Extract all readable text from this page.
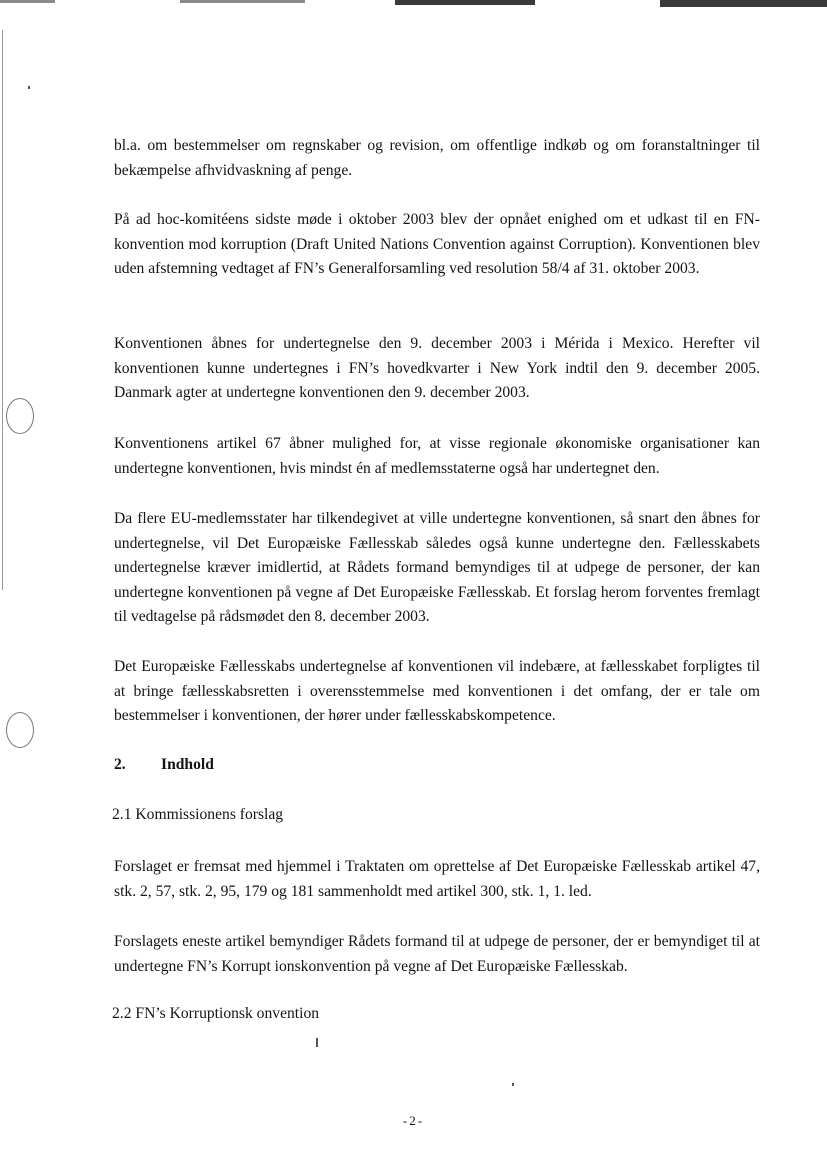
bl.a. om bestemmelser om regnskaber og revision, om offentlige indkøb og om foranstaltninger til bekæmpelse afhvidvaskning af penge.

På ad hoc-komitéens sidste møde i oktober 2003 blev der opnået enighed om et udkast til en FN-konvention mod korruption (Draft United Nations Convention against Corruption). Konventionen blev uden afstemning vedtaget af FN’s Generalforsamling ved resolution 58/4 af 31. oktober 2003.

Konventionen åbnes for undertegnelse den 9. december 2003 i Mérida i Mexico. Herefter vil konventionen kunne undertegnes i FN’s hovedkvarter i New York indtil den 9. december 2005. Danmark agter at undertegne konventionen den 9. december 2003.

Konventionens artikel 67 åbner mulighed for, at visse regionale økonomiske organisationer kan undertegne konventionen, hvis mindst én af medlemsstaterne også har undertegnet den.

Da flere EU-medlemsstater har tilkendegivet at ville undertegne konventionen, så snart den åbnes for undertegnelse, vil Det Europæiske Fællesskab således også kunne undertegne den. Fællesskabets undertegnelse kræver imidlertid, at Rådets formand bemyndiges til at udpege de personer, der kan undertegne konventionen på vegne af Det Europæiske Fællesskab. Et forslag herom forventes fremlagt til vedtagelse på rådsmødet den 8. december 2003.

Det Europæiske Fællesskabs undertegnelse af konventionen vil indebære, at fællesskabet forpligtes til at bringe fællesskabsretten i overensstemmelse med konventionen i det omfang, der er tale om bestemmelser i konventionen, der hører under fællesskabskompetence.

2. Indhold
2.1 Kommissionens forslag

Forslaget er fremsat med hjemmel i Traktaten om oprettelse af Det Europæiske Fællesskab artikel 47, stk. 2, 57, stk. 2, 95, 179 og 181 sammenholdt med artikel 300, stk. 1, 1. led.

Forslagets eneste artikel bemyndiger Rådets formand til at udpege de personer, der er bemyndiget til at undertegne FN’s Korrupt ionskonvention på vegne af Det Europæiske Fællesskab.

2.2 FN’s Korruptionsk onvention
-2-
